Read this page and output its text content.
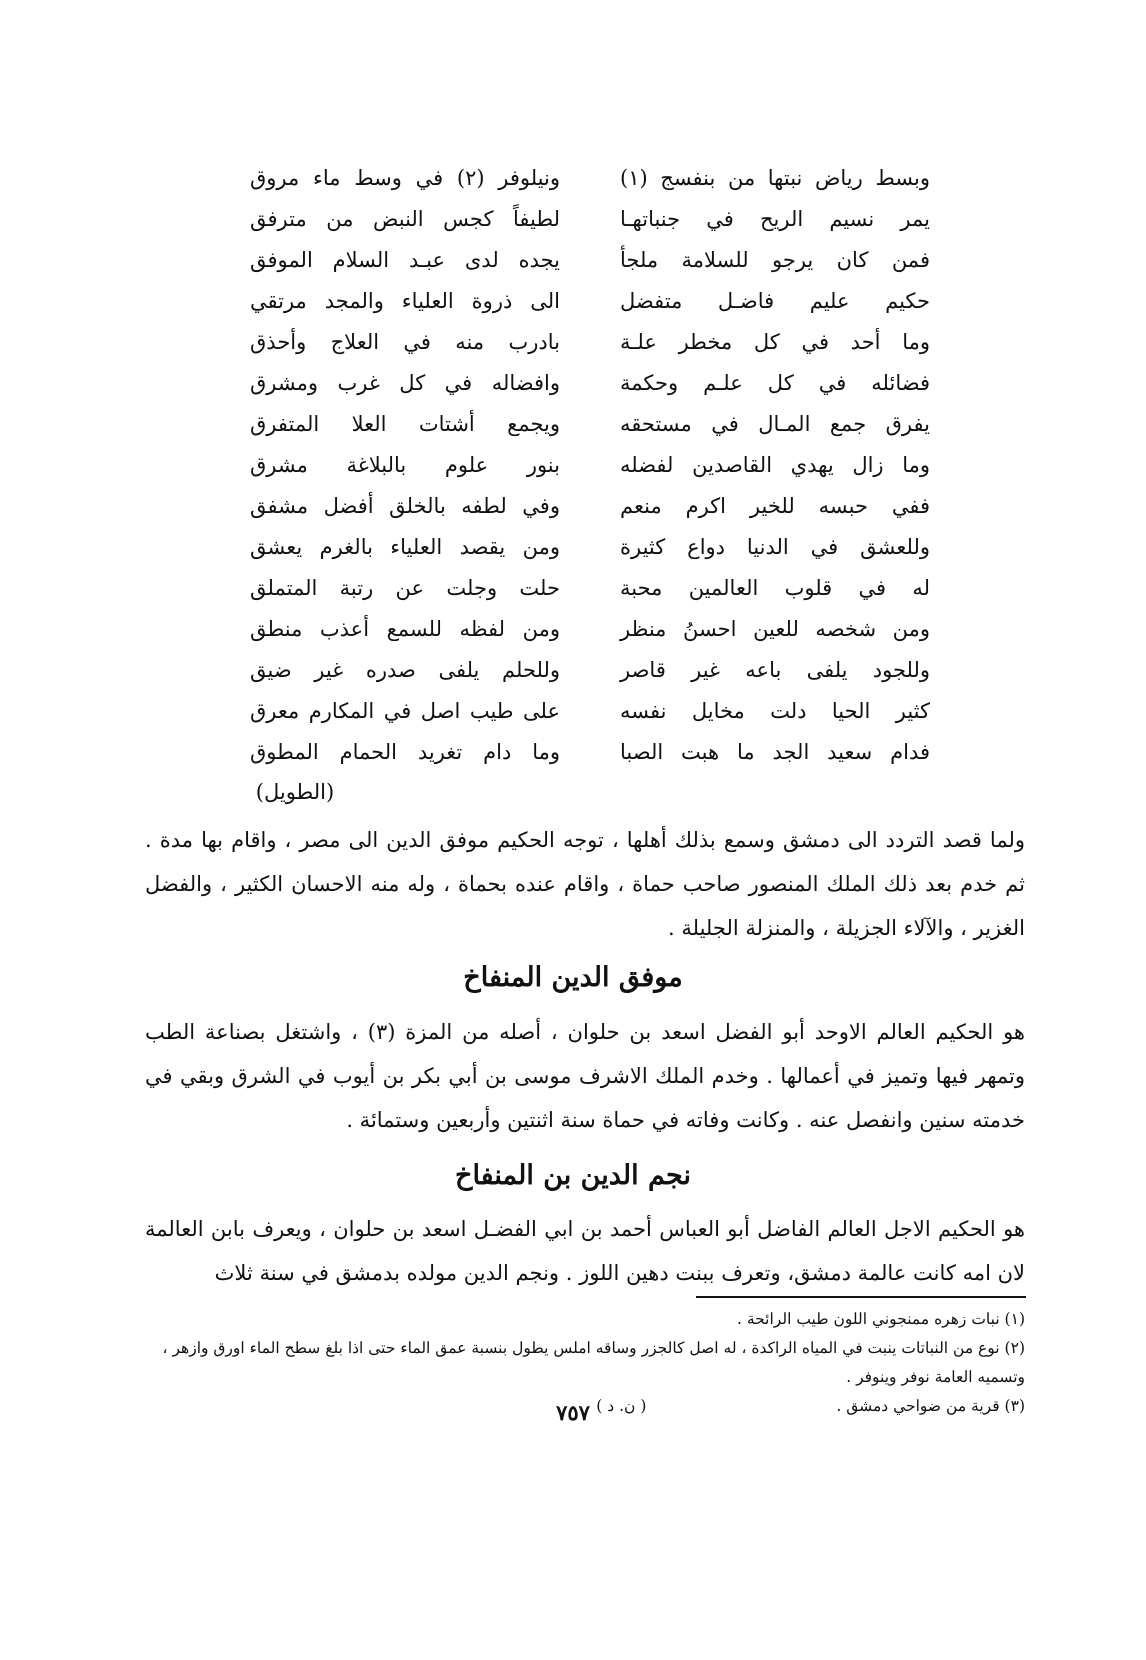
وبسط رياض نبتها من بنفسج (١)
ونيلوفر (٢) في وسط ماء مروق
يمر نسيم الريح في جنباتهـا
لطيفاً كجس النبض من مترفق
فمن كان يرجو للسلامة ملجأ
يجده لدى عبـد السلام الموفق
حكيم عليم فاضـل متفضل
الى ذروة العلياء والمجد مرتقي
وما أحد في كل مخطر علـة
بادرب منه في العلاج وأحذق
فضائله في كل علـم وحكمة
وافضاله في كل غرب ومشرق
يفرق جمع المـال في مستحقه
ويجمع أشتات العلا المتفرق
وما زال يهدي القاصدين لفضله
بنور علوم بالبلاغة مشرق
ففي حبسه للخير اكرم منعم
وفي لطفه بالخلق أفضل مشفق
وللعشق في الدنيا دواع كثيرة
ومن يقصد العلياء بالغرم يعشق
له في قلوب العالمين محبة
حلت وجلت عن رتبة المتملق
ومن شخصه للعين احسنُ منظر
ومن لفظه للسمع أعذب منطق
وللجود يلفى باعه غير قاصر
وللحلم يلفى صدره غير ضيق
كثير الحيا دلت مخايل نفسه
على طيب اصل في المكارم معرق
فدام سعيد الجد ما هبت الصبا
وما دام تغريد الحمام المطوق
(الطويل)

ولما قصد التردد الى دمشق وسمع بذلك أهلها ، توجه الحكيم موفق الدين الى مصر ، واقام بها مدة . ثم خدم بعد ذلك الملك المنصور صاحب حماة ، واقام عنده بحماة ، وله منه الاحسان الكثير ، والفضل الغزير ، والآلاء الجزيلة ، والمنزلة الجليلة .

موفق الدين المنفاخ

هو الحكيم العالم الاوحد أبو الفضل اسعد بن حلوان ، أصله من المزة (٣) ، واشتغل بصناعة الطب وتمهر فيها وتميز في أعمالها . وخدم الملك الاشرف موسى بن أبي بكر بن أيوب في الشرق وبقي في خدمته سنين وانفصل عنه . وكانت وفاته في حماة سنة اثنتين وأربعين وستمائة .

نجم الدين بن المنفاخ

هو الحكيم الاجل العالم الفاضل أبو العباس أحمد بن ابي الفضـل اسعد بن حلوان ، ويعرف بابن العالمة لان امه كانت عالمة دمشق، وتعرف ببنت دهين اللوز . ونجم الدين مولده بدمشق في سنة ثلاث

(١) نبات زهره ممنجوني اللون طيب الرائحة .

(٢) نوع من النباتات ينبت في المياه الراكدة ، له اصل كالجزر وساقه املس يطول بنسبة عمق الماء حتى اذا بلغ سطح الماء اورق وازهر ، وتسميه العامة نوفر وينوفر .

(٣) قرية من ضواحي دمشق .
( ن. د )
٧٥٧
